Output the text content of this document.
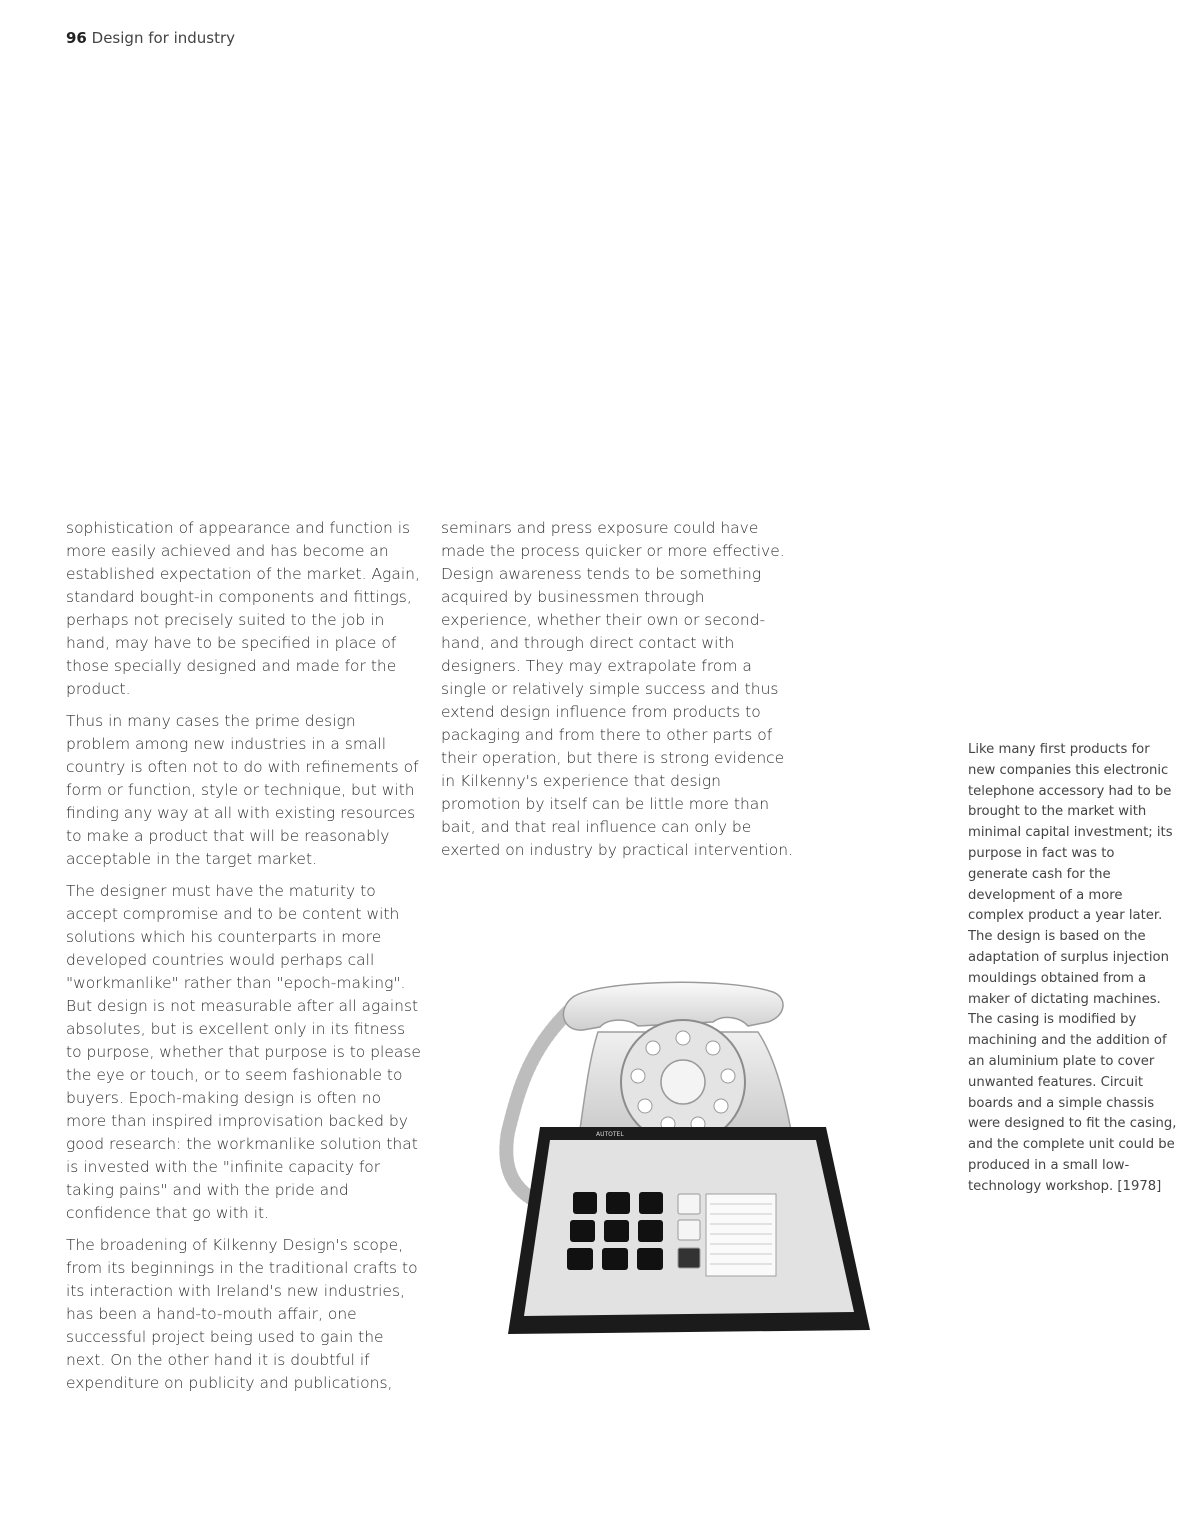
96 Design for industry

sophistication of appearance and function is more easily achieved and has become an established expectation of the market. Again, standard bought-in components and fittings, perhaps not precisely suited to the job in hand, may have to be specified in place of those specially designed and made for the product.

Thus in many cases the prime design problem among new industries in a small country is often not to do with refinements of form or function, style or technique, but with finding any way at all with existing resources to make a product that will be reasonably acceptable in the target market.

The designer must have the maturity to accept compromise and to be content with solutions which his counterparts in more developed countries would perhaps call "workmanlike" rather than "epoch-making". But design is not measurable after all against absolutes, but is excellent only in its fitness to purpose, whether that purpose is to please the eye or touch, or to seem fashionable to buyers. Epoch-making design is often no more than inspired improvisation backed by good research: the workmanlike solution that is invested with the "infinite capacity for taking pains" and with the pride and confidence that go with it.

The broadening of Kilkenny Design's scope, from its beginnings in the traditional crafts to its interaction with Ireland's new industries, has been a hand-to-mouth affair, one successful project being used to gain the next. On the other hand it is doubtful if expenditure on publicity and publications,

seminars and press exposure could have made the process quicker or more effective. Design awareness tends to be something acquired by businessmen through experience, whether their own or second-hand, and through direct contact with designers. They may extrapolate from a single or relatively simple success and thus extend design influence from products to packaging and from there to other parts of their operation, but there is strong evidence in Kilkenny's experience that design promotion by itself can be little more than bait, and that real influence can only be exerted on industry by practical intervention.

Like many first products for new companies this electronic telephone accessory had to be brought to the market with minimal capital investment; its purpose in fact was to generate cash for the development of a more complex product a year later. The design is based on the adaptation of surplus injection mouldings obtained from a maker of dictating machines. The casing is modified by machining and the addition of an aluminium plate to cover unwanted features. Circuit boards and a simple chassis were designed to fit the casing, and the complete unit could be produced in a small low-technology workshop. [1978]
AUTOTEL
